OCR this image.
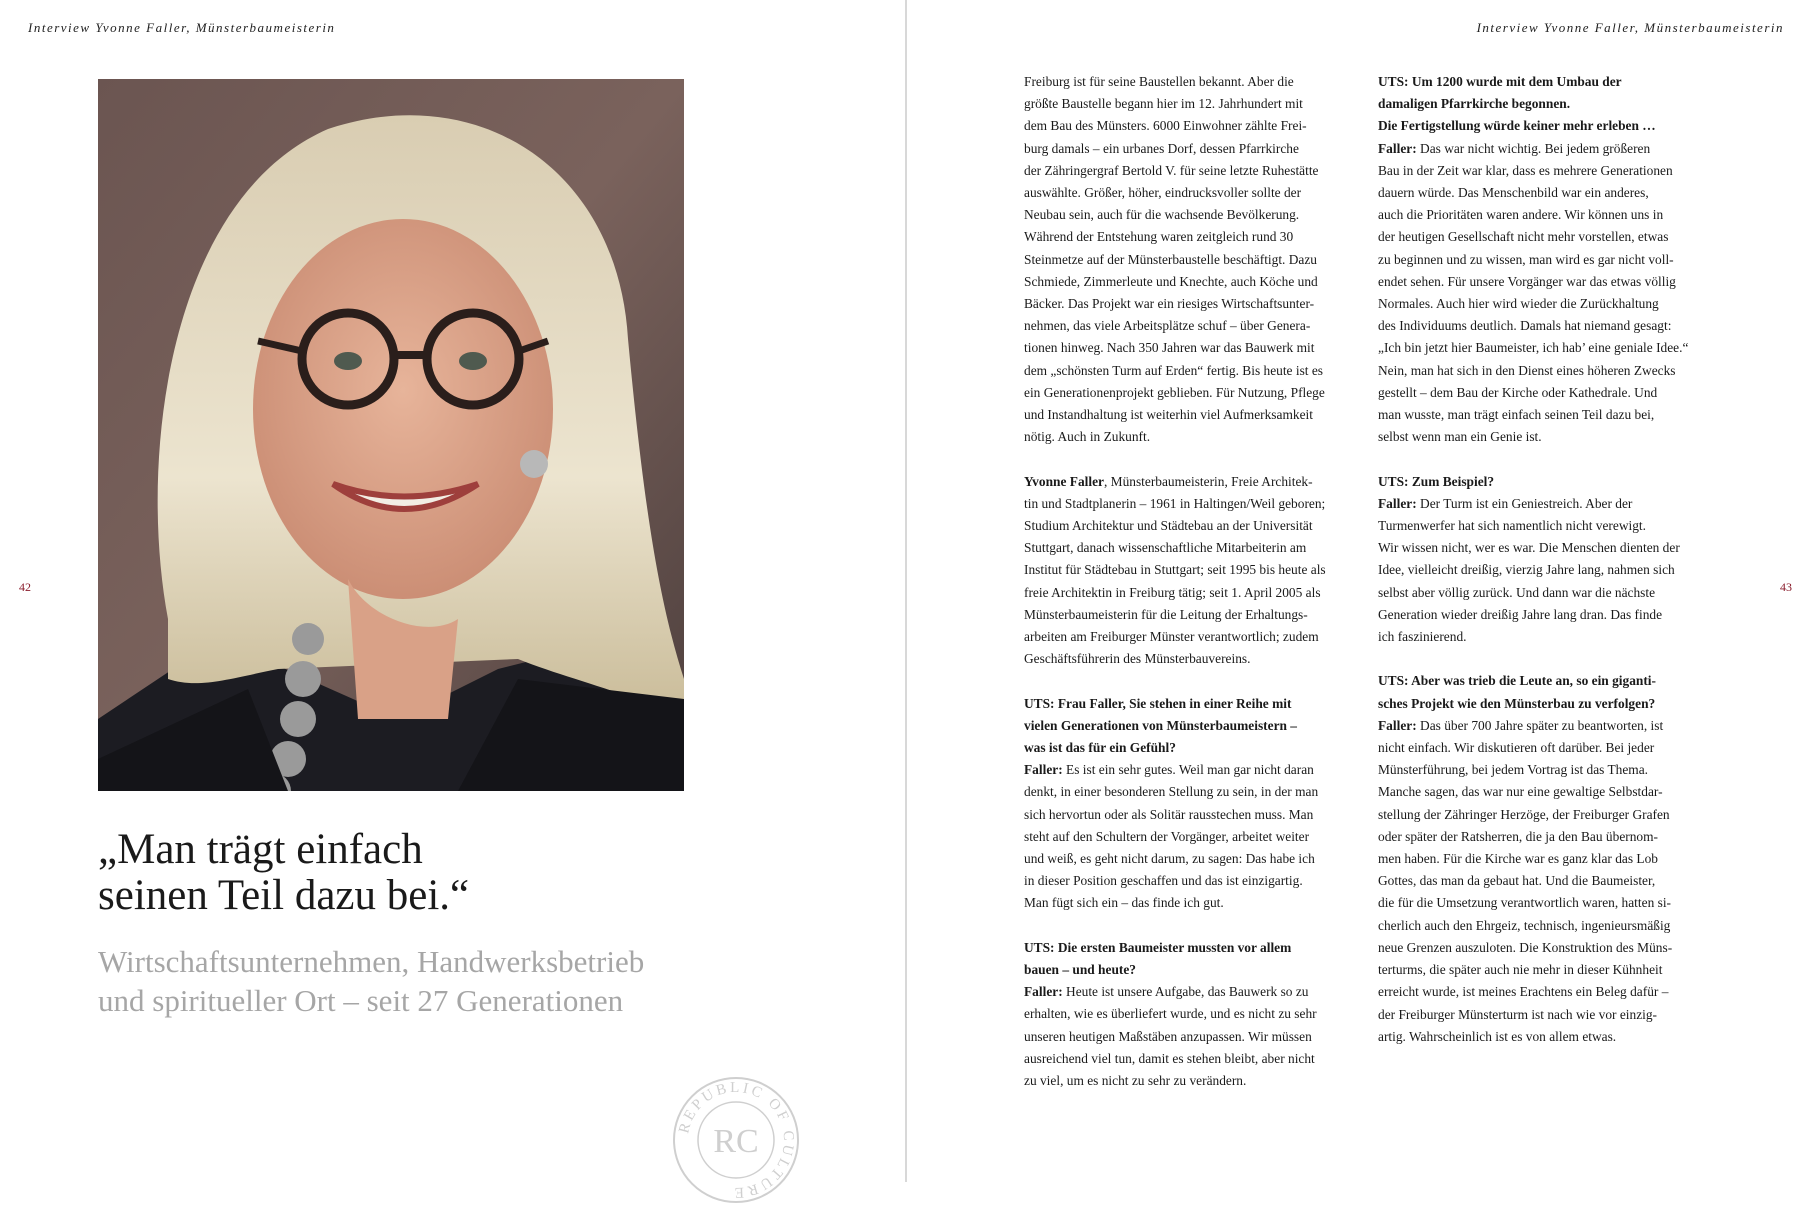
Interview Yvonne Faller, Münsterbaumeisterin
42
„Man trägt einfach
seinen Teil dazu bei.“
Wirtschaftsunternehmen, Handwerksbetrieb
und spiritueller Ort – seit 27 Generationen
REPUBLIC OF CULTURE
RC
Interview Yvonne Faller, Münsterbaumeisterin
43

Freiburg ist für seine Baustellen bekannt. Aber die
größte Baustelle begann hier im 12. Jahrhundert mit
dem Bau des Münsters. 6000 Einwohner zählte Frei-
burg damals – ein urbanes Dorf, dessen Pfarrkirche
der Zähringergraf Bertold V. für seine letzte Ruhestätte
auswählte. Größer, höher, eindrucksvoller sollte der
Neubau sein, auch für die wachsende Bevölkerung.
Während der Entstehung waren zeitgleich rund 30
Steinmetze auf der Münsterbaustelle beschäftigt. Dazu
Schmiede, Zimmerleute und Knechte, auch Köche und
Bäcker. Das Projekt war ein riesiges Wirtschaftsunter-
nehmen, das viele Arbeitsplätze schuf – über Genera-
tionen hinweg. Nach 350 Jahren war das Bauwerk mit
dem „schönsten Turm auf Erden“ fertig. Bis heute ist es
ein Generationenprojekt geblieben. Für Nutzung, Pflege
und Instandhaltung ist weiterhin viel Aufmerksamkeit
nötig. Auch in Zukunft.

Yvonne Faller, Münsterbaumeisterin, Freie Architek-
tin und Stadtplanerin – 1961 in Haltingen/Weil geboren;
Studium Architektur und Städtebau an der Universität
Stuttgart, danach wissenschaftliche Mitarbeiterin am
Institut für Städtebau in Stuttgart; seit 1995 bis heute als
freie Architektin in Freiburg tätig; seit 1. April 2005 als
Münsterbaumeisterin für die Leitung der Erhaltungs-
arbeiten am Freiburger Münster verantwortlich; zudem
Geschäftsführerin des Münsterbauvereins.

UTS: Frau Faller, Sie stehen in einer Reihe mit
vielen Generationen von Münsterbaumeistern –
was ist das für ein Gefühl?
Faller: Es ist ein sehr gutes. Weil man gar nicht daran
denkt, in einer besonderen Stellung zu sein, in der man
sich hervortun oder als Solitär rausstechen muss. Man
steht auf den Schultern der Vorgänger, arbeitet weiter
und weiß, es geht nicht darum, zu sagen: Das habe ich
in dieser Position geschaffen und das ist einzigartig.
Man fügt sich ein – das finde ich gut.

UTS: Die ersten Baumeister mussten vor allem
bauen – und heute?
Faller: Heute ist unsere Aufgabe, das Bauwerk so zu
erhalten, wie es überliefert wurde, und es nicht zu sehr
unseren heutigen Maßstäben anzupassen. Wir müssen
ausreichend viel tun, damit es stehen bleibt, aber nicht
zu viel, um es nicht zu sehr zu verändern.

UTS: Um 1200 wurde mit dem Umbau der
damaligen Pfarrkirche begonnen.
Die Fertigstellung würde keiner mehr erleben …
Faller: Das war nicht wichtig. Bei jedem größeren
Bau in der Zeit war klar, dass es mehrere Generationen
dauern würde. Das Menschenbild war ein anderes,
auch die Prioritäten waren andere. Wir können uns in
der heutigen Gesellschaft nicht mehr vorstellen, etwas
zu beginnen und zu wissen, man wird es gar nicht voll-
endet sehen. Für unsere Vorgänger war das etwas völlig
Normales. Auch hier wird wieder die Zurückhaltung
des Individuums deutlich. Damals hat niemand gesagt:
„Ich bin jetzt hier Baumeister, ich hab’ eine geniale Idee.“
Nein, man hat sich in den Dienst eines höheren Zwecks
gestellt – dem Bau der Kirche oder Kathedrale. Und
man wusste, man trägt einfach seinen Teil dazu bei,
selbst wenn man ein Genie ist.

UTS: Zum Beispiel?
Faller: Der Turm ist ein Geniestreich. Aber der
Turmenwerfer hat sich namentlich nicht verewigt.
Wir wissen nicht, wer es war. Die Menschen dienten der
Idee, vielleicht dreißig, vierzig Jahre lang, nahmen sich
selbst aber völlig zurück. Und dann war die nächste
Generation wieder dreißig Jahre lang dran. Das finde
ich faszinierend.

UTS: Aber was trieb die Leute an, so ein giganti-
sches Projekt wie den Münsterbau zu verfolgen?
Faller: Das über 700 Jahre später zu beantworten, ist
nicht einfach. Wir diskutieren oft darüber. Bei jeder
Münsterführung, bei jedem Vortrag ist das Thema.
Manche sagen, das war nur eine gewaltige Selbstdar-
stellung der Zähringer Herzöge, der Freiburger Grafen
oder später der Ratsherren, die ja den Bau übernom-
men haben. Für die Kirche war es ganz klar das Lob
Gottes, das man da gebaut hat. Und die Baumeister,
die für die Umsetzung verantwortlich waren, hatten si-
cherlich auch den Ehrgeiz, technisch, ingenieursmäßig
neue Grenzen auszuloten. Die Konstruktion des Müns-
terturms, die später auch nie mehr in dieser Kühnheit
erreicht wurde, ist meines Erachtens ein Beleg dafür –
der Freiburger Münsterturm ist nach wie vor einzig-
artig. Wahrscheinlich ist es von allem etwas.
